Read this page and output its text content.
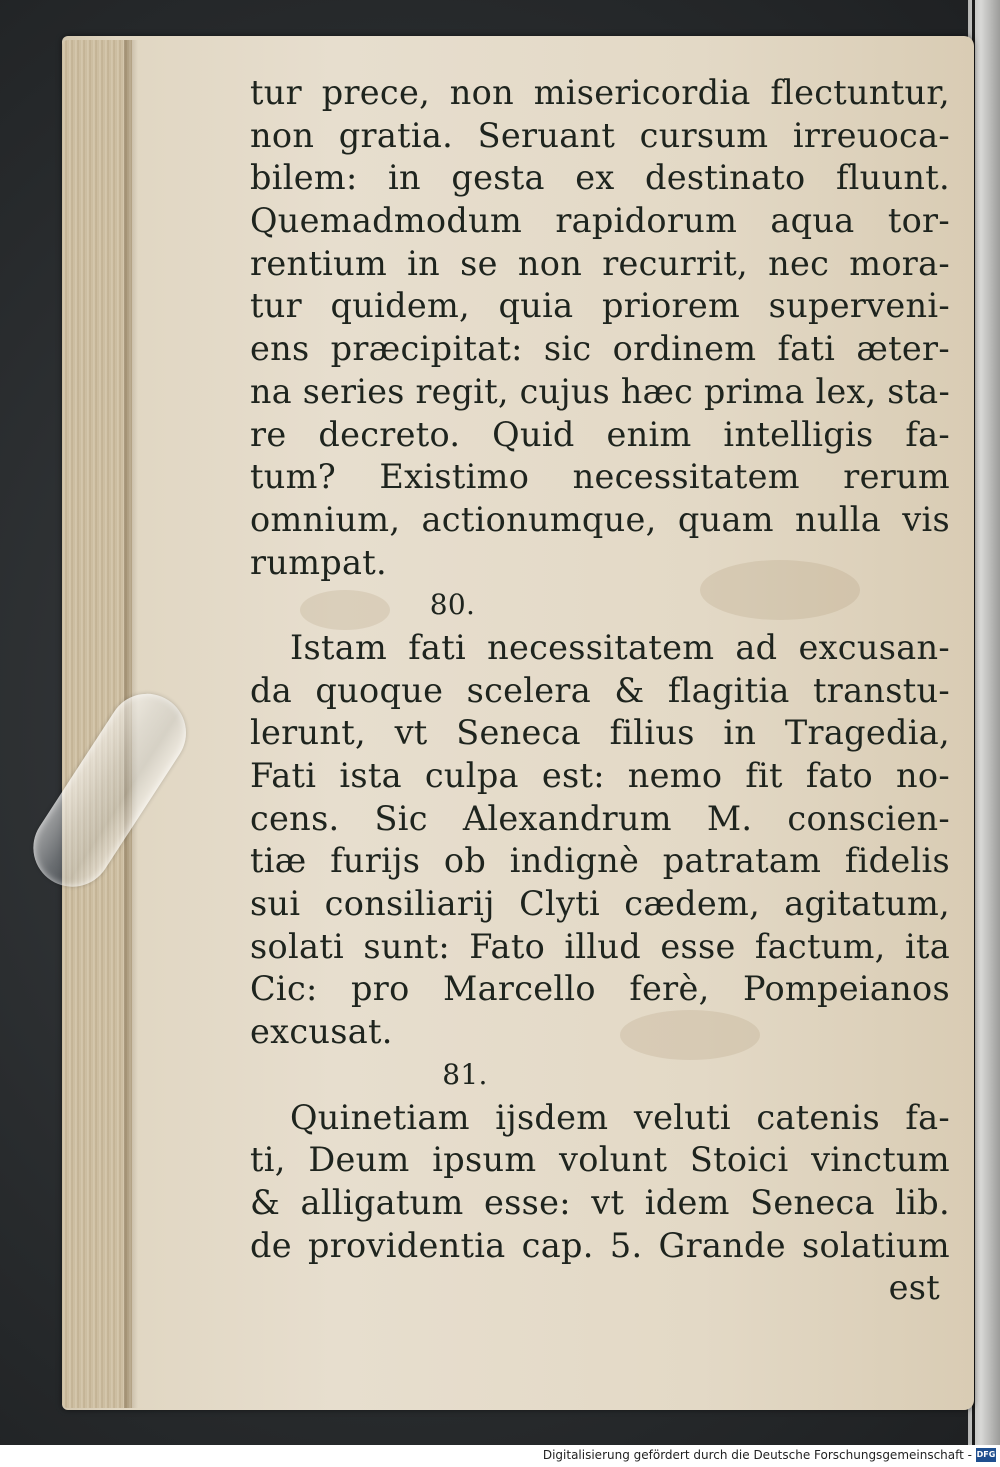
tur prece, non misericordia flectuntur,
non gratia. Seruant cursum irreuoca-
bilem: in gesta ex destinato fluunt.
Quemadmodum rapidorum aqua tor-
rentium in se non recurrit, nec mora-
tur quidem, quia priorem superveni-
ens præcipitat: sic ordinem fati æter-
na series regit, cujus hæc prima lex, sta-
re decreto. Quid enim intelligis fa-
tum? Existimo necessitatem rerum
omnium, actionumque, quam nulla vis
rumpat.
80.
Istam fati necessitatem ad excusan-
da quoque scelera & flagitia transtu-
lerunt, vt Seneca filius in Tragedia,
Fati ista culpa est: nemo fit fato no-
cens. Sic Alexandrum M. conscien-
tiæ furijs ob indignè patratam fidelis
sui consiliarij Clyti cædem, agitatum,
solati sunt: Fato illud esse factum, ita
Cic: pro Marcello ferè, Pompeianos
excusat.
81.
Quinetiam ijsdem veluti catenis fa-
ti, Deum ipsum volunt Stoici vinctum
& alligatum esse: vt idem Seneca lib.
de providentia cap. 5. Grande solatium
est
Digitalisierung gefördert durch die Deutsche Forschungsgemeinschaft - DFG
